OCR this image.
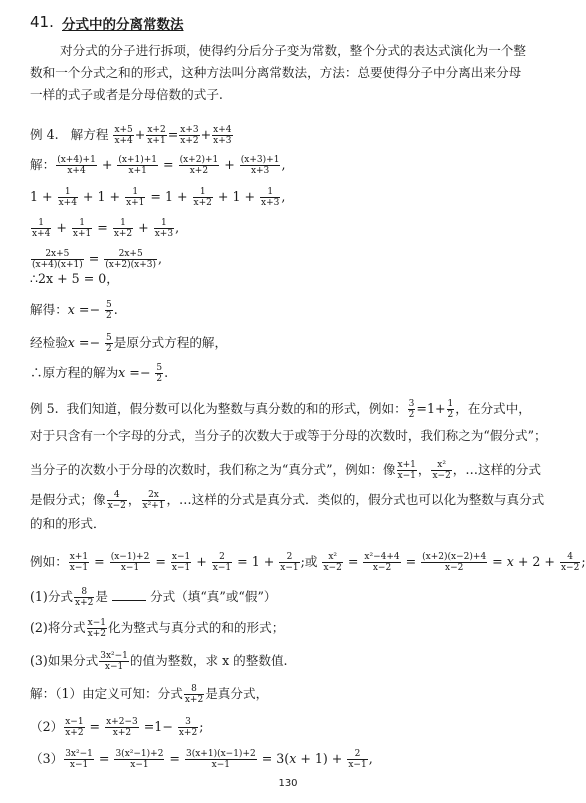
41. 分式中的分离常数法
对分式的分子进行拆项，使得约分后分子变为常数，整个分式的表达式演化为一个整
数和一个分式之和的形式，这种方法叫分离常数法，方法：总要使得分子中分离出来分母
一样的式子或者是分母倍数的式子.
例 4. 解方程 $\frac{x+5}{x+4} + \frac{x+2}{x+1} = \frac{x+3}{x+2} + \frac{x+4}{x+3}$
解： $\frac{(x+4)+1}{x+4} + \frac{(x+1)+1}{x+1} = \frac{(x+2)+1}{x+2} + \frac{(x+3)+1}{x+3}$ ,
$1 + \frac{1}{x+4} + 1 + \frac{1}{x+1} = 1 + \frac{1}{x+2} + 1 + \frac{1}{x+3}$ ,
$\frac{1}{x+4} + \frac{1}{x+1} = \frac{1}{x+2} + \frac{1}{x+3}$ ,
$\frac{2x+5}{(x+4)(x+1)} = \frac{2x+5}{(x+2)(x+3)}$ ,
∴2x + 5 = 0，
解得：$x =- \frac{5}{2}$ .
经检验$x =- \frac{5}{2}$ 是原分式方程的解，
∴原方程的解为$x =- \frac{5}{2}$ .
例 5. 我们知道，假分数可以化为整数与真分数的和的形式，例如： $\frac{3}{2} =1+ \frac{1}{2}$ ，在分式中，
对于只含有一个字母的分式，当分子的次数大于或等于分母的次数时，我们称之为“假分式”；
当分子的次数小于分母的次数时，我们称之为“真分式”，例如：像 $\frac{x+1}{x-1}$ ， $\frac{\text{x²}}{x-2}$ ，…这样的分式
是假分式；像 $\frac{4}{x-2}$ ， $\frac{2x}{\text{x²+1}}$ ，…这样的分式是真分式．类似的，假分式也可以化为整数与真分式
的和的形式．
例如： $\frac{x+1}{x-1} = \frac{(x-1)+2}{x-1} = \frac{x-1}{x-1} + \frac{2}{x-1} = 1 + \frac{2}{x-1}$ ;或 $\frac{\text{x²}}{x-2} = \frac{\text{x²−4+4}}{x-2} = \frac{(x+2)(x-2)+4}{x-2} = x + 2 + \frac{4}{x-2}$ ;
(1)分式 $\frac{8}{x+2}$ 是	分式（填“真”或“假”）
(2)将分式 $\frac{x-1}{x+2}$ 化为整式与真分式的和的形式；
(3)如果分式 $\frac{\text{3x²−1}}{x-1}$ 的值为整数，求 x 的整数值.
解：（1）由定义可知：分式 $\frac{8}{x+2}$ 是真分式，
$(2) \frac{x-1}{x+2} = \frac{x+2-3}{x+2} =1- \frac{3}{x+2}$ ;
$(3) \frac{\text{3x²−1}}{x-1} = \frac{\text{3(x²−1)+2}}{x-1} = \frac{3(x+1)(x-1)+2}{x-1} = 3(x + 1) + \frac{2}{x-1}$ ,
130
